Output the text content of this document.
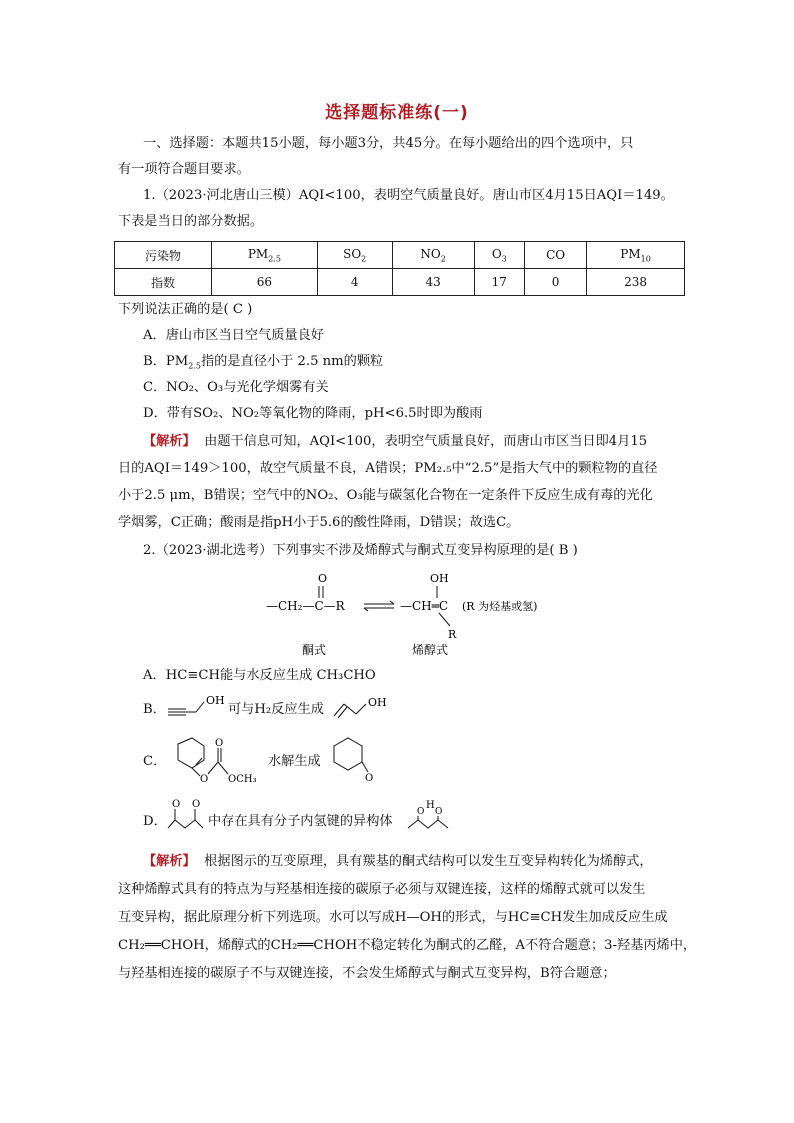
选择题标准练(一)
一、选择题：本题共15小题，每小题3分，共45分。在每小题给出的四个选项中，只
有一项符合题目要求。
1.（2023·河北唐山三模）AQI<100，表明空气质量良好。唐山市区4月15日AQI＝149。
下表是当日的部分数据。
污染物	$PM_{2.5}$	$SO_2$	$NO_2$	$O_3$	CO	$PM_{10}$
指数	66	4	43	17	0	238
下列说法正确的是( C )
A．唐山市区当日空气质量良好
B．$PM_{2.5}$指的是直径小于 2.5 nm的颗粒
C．NO₂、O₃与光化学烟雾有关
D．带有SO₂、NO₂等氧化物的降雨，pH<6.5时即为酸雨
【解析】 由题干信息可知，AQI<100，表明空气质量良好，而唐山市区当日即4月15
日的AQI＝149＞100，故空气质量不良，A错误；PM₂.₅中“2.5”是指大气中的颗粒物的直径
小于2.5 μm，B错误；空气中的NO₂、O₃能与碳氢化合物在一定条件下反应生成有毒的光化
学烟雾，C正确；酸雨是指pH小于5.6的酸性降雨，D错误；故选C。
2.（2023·湖北选考）下列事实不涉及烯醇式与酮式互变异构原理的是( B )
O
—CH₂—C—R
OH
—CH═C
R
(R 为烃基或氢)
酮式	烯醇式
A．HC≡CH能与水反应生成 CH₃CHO
B．
OH
可与H₂反应生成	OH
C．
O
O
OCH₃
水解生成
O
D．
O O
中存在具有分子内氢键的异构体
H
O O
【解析】 根据图示的互变原理，具有羰基的酮式结构可以发生互变异构转化为烯醇式，
这种烯醇式具有的特点为与羟基相连接的碳原子必须与双键连接，这样的烯醇式就可以发生
互变异构，据此原理分析下列选项。水可以写成H—OH的形式，与HC≡CH发生加成反应生成
CH₂══CHOH，烯醇式的CH₂══CHOH不稳定转化为酮式的乙醛，A不符合题意；3-羟基丙烯中，
与羟基相连接的碳原子不与双键连接，不会发生烯醇式与酮式互变异构，B符合题意；
